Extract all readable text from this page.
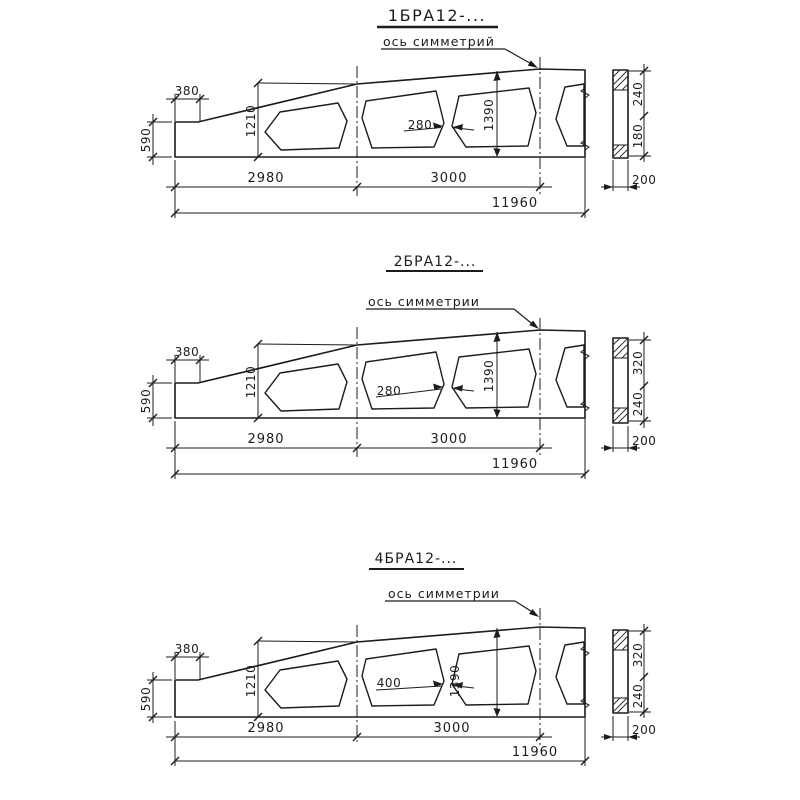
1БРА12-...
ось симметрий
380
590
1210	280	1390
2980	3000
11960
240
180
200
2БРА12-...
ось симметрии
380
590
1210	280	1390
2980	3000
11960
320
240
200
4БРА12-...
ось симметрии
380
590
1210	400	1390
2980	3000
11960
320
240
200
